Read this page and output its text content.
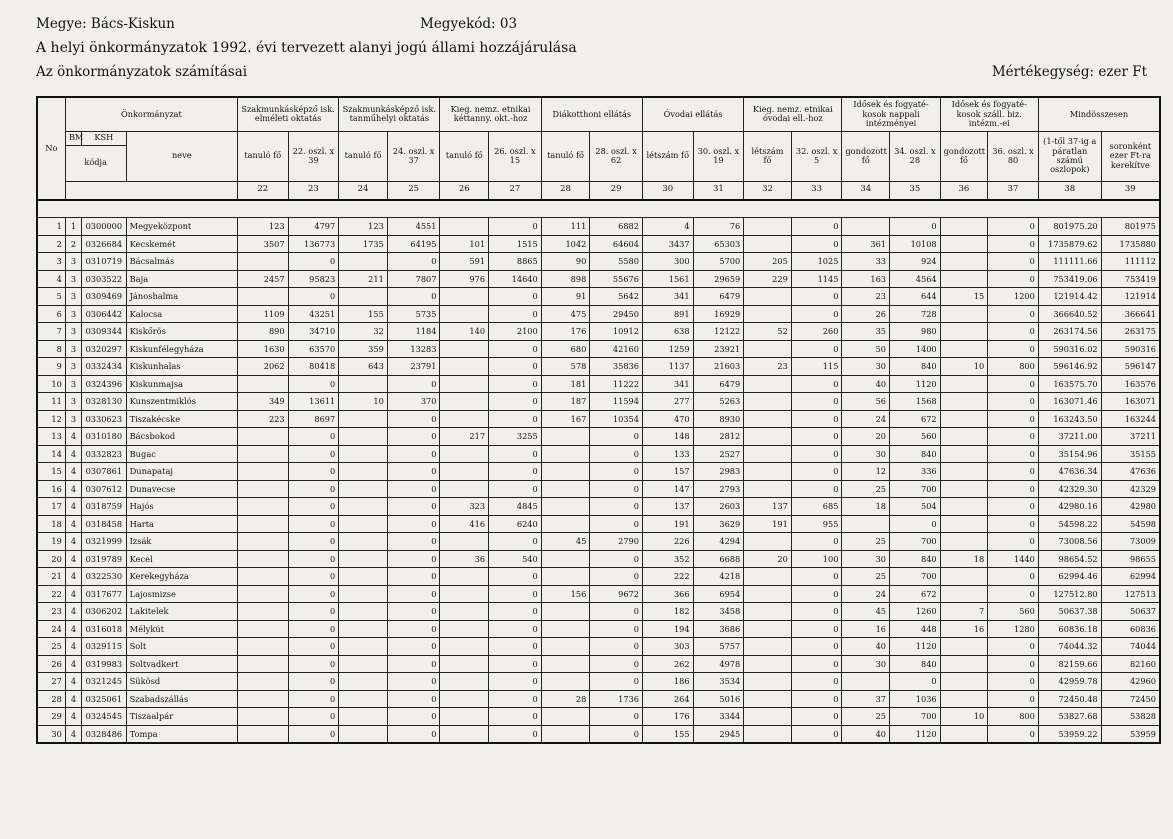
Megye: Bács-Kiskun	Megyekód: 03
A helyi önkormányzatok 1992. évi tervezett alanyi jogú állami hozzájárulása
Az önkormányzatok számításai	Mértékegység: ezer Ft
No	Önkormányzat			Szakmunkásképző isk. elméleti oktatás		Szakmunkásképző isk. tanműhelyi oktatás		Kieg. nemz. etnikai kéttanny. okt.-hoz		Diákotthoni ellátás		Óvodai ellátás		Kieg. nemz. etnikai óvodai ell.-hoz		Idősek és fogyaté-kosok nappali intézményei		Idősek és fogyaté-kosok száll. biz. intézm.-ei		Mindösszesen	
	BM	KSH	neve	tanuló fő	22. oszl. x 39	tanuló fő	24. oszl. x 37	tanuló fő	26. oszl. x 15	tanuló fő	28. oszl. x 62	létszám fő	30. oszl. x 19	létszám fő	32. oszl. x 5	gondozott fő	34. oszl. x 28	gondozott fő	36. oszl. x 80	(1-től 37-ig a páratlan számú oszlopok)	soronként ezer Ft-ra kerekítve
	kódja																				
				22	23	24	25	26	27	28	29	30	31	32	33	34	35	36	37	38	39

1	1	0300000	Megyeközpont	123	4797	123	4551		0	111	6882	4	76		0		0		0	801975.20	801975
2	2	0326684	Kecskemét	3507	136773	1735	64195	101	1515	1042	64604	3437	65303		0	361	10108		0	1735879.62	1735880
3	3	0310719	Bácsalmás		0		0	591	8865	90	5580	300	5700	205	1025	33	924		0	111111.66	111112
4	3	0303522	Baja	2457	95823	211	7807	976	14640	898	55676	1561	29659	229	1145	163	4564		0	753419.06	753419
5	3	0309469	Jánoshalma		0		0		0	91	5642	341	6479		0	23	644	15	1200	121914.42	121914
6	3	0306442	Kalocsa	1109	43251	155	5735		0	475	29450	891	16929		0	26	728		0	366640.52	366641
7	3	0309344	Kiskőrös	890	34710	32	1184	140	2100	176	10912	638	12122	52	260	35	980		0	263174.56	263175
8	3	0320297	Kiskunfélegyháza	1630	63570	359	13283		0	680	42160	1259	23921		0	50	1400		0	590316.02	590316
9	3	0332434	Kiskunhalas	2062	80418	643	23791		0	578	35836	1137	21603	23	115	30	840	10	800	596146.92	596147
10	3	0324396	Kiskunmajsa		0		0		0	181	11222	341	6479		0	40	1120		0	163575.70	163576
11	3	0328130	Kunszentmiklós	349	13611	10	370		0	187	11594	277	5263		0	56	1568		0	163071.46	163071
12	3	0330623	Tiszakécske	223	8697		0		0	167	10354	470	8930		0	24	672		0	163243.50	163244
13	4	0310180	Bácsbokod		0		0	217	3255		0	148	2812		0	20	560		0	37211.00	37211
14	4	0332823	Bugac		0		0		0		0	133	2527		0	30	840		0	35154.96	35155
15	4	0307861	Dunapataj		0		0		0		0	157	2983		0	12	336		0	47636.34	47636
16	4	0307612	Dunavecse		0		0		0		0	147	2793		0	25	700		0	42329.30	42329
17	4	0318759	Hajós		0		0	323	4845		0	137	2603	137	685	18	504		0	42980.16	42980
18	4	0318458	Harta		0		0	416	6240		0	191	3629	191	955		0		0	54598.22	54598
19	4	0321999	Izsák		0		0		0	45	2790	226	4294		0	25	700		0	73008.56	73009
20	4	0319789	Kecel		0		0	36	540		0	352	6688	20	100	30	840	18	1440	98654.52	98655
21	4	0322530	Kerekegyháza		0		0		0		0	222	4218		0	25	700		0	62994.46	62994
22	4	0317677	Lajosmizse		0		0		0	156	9672	366	6954		0	24	672		0	127512.80	127513
23	4	0306202	Lakitelek		0		0		0		0	182	3458		0	45	1260	7	560	50637.38	50637
24	4	0316018	Mélykút		0		0		0		0	194	3686		0	16	448	16	1280	60836.18	60836
25	4	0329115	Solt		0		0		0		0	303	5757		0	40	1120		0	74044.32	74044
26	4	0319983	Soltvadkert		0		0		0		0	262	4978		0	30	840		0	82159.66	82160
27	4	0321245	Sükösd		0		0		0		0	186	3534		0		0		0	42959.78	42960
28	4	0325061	Szabadszállás		0		0		0	28	1736	264	5016		0	37	1036		0	72450.48	72450
29	4	0324545	Tiszaalpár		0		0		0		0	176	3344		0	25	700	10	800	53827.68	53828
30	4	0328486	Tompa		0		0		0		0	155	2945		0	40	1120		0	53959.22	53959
